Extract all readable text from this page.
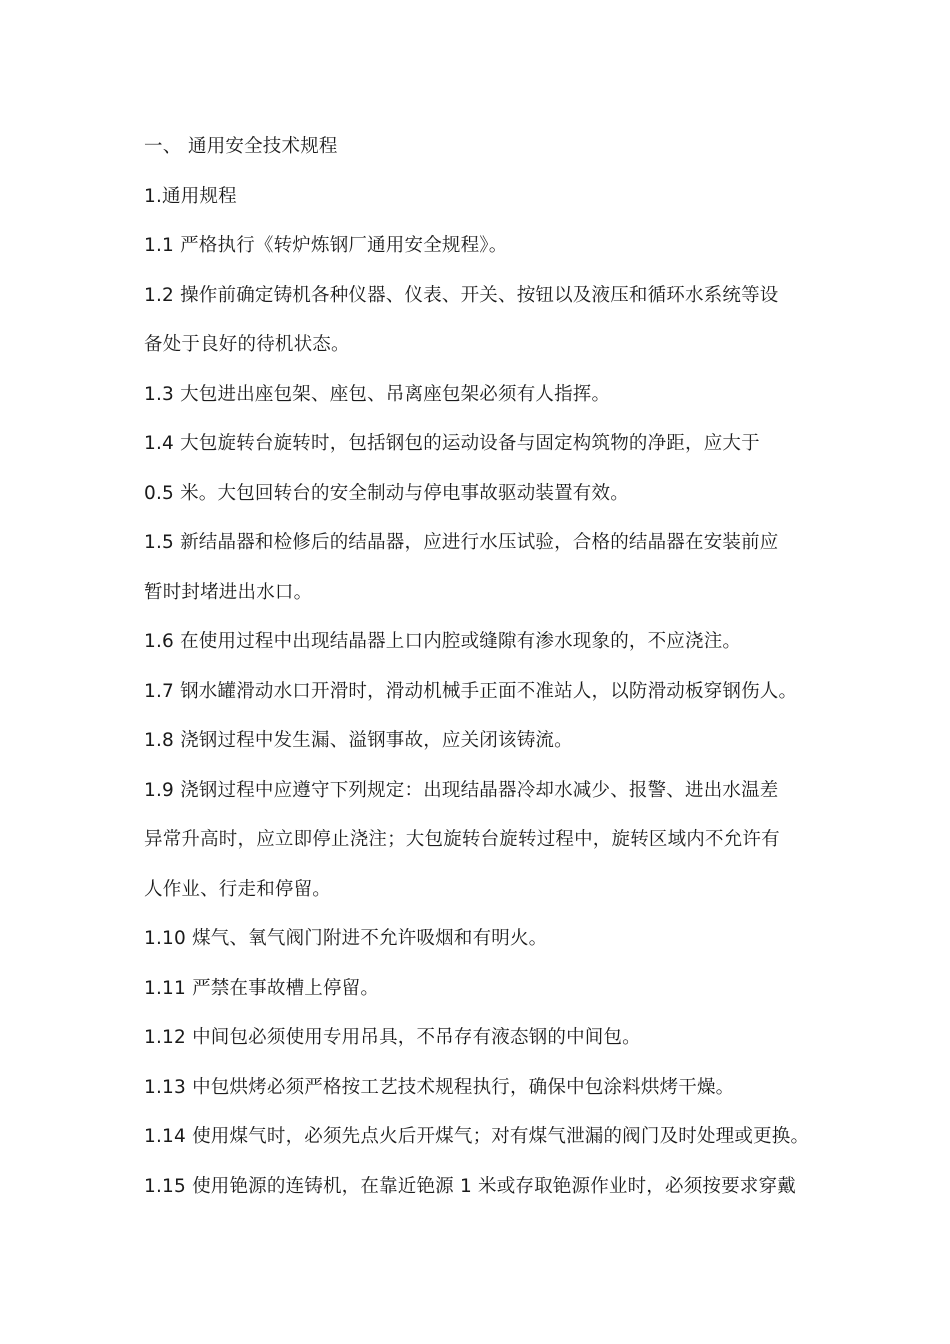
一、 通用安全技术规程
1.通用规程
1.1 严格执行《转炉炼钢厂通用安全规程》。
1.2 操作前确定铸机各种仪器、仪表、开关、按钮以及液压和循环水系统等设
备处于良好的待机状态。
1.3 大包进出座包架、座包、吊离座包架必须有人指挥。
1.4 大包旋转台旋转时，包括钢包的运动设备与固定构筑物的净距，应大于
0.5 米。大包回转台的安全制动与停电事故驱动装置有效。
1.5 新结晶器和检修后的结晶器，应进行水压试验，合格的结晶器在安装前应
暂时封堵进出水口。
1.6 在使用过程中出现结晶器上口内腔或缝隙有渗水现象的，不应浇注。
1.7 钢水罐滑动水口开滑时，滑动机械手正面不准站人，以防滑动板穿钢伤人。
1.8 浇钢过程中发生漏、溢钢事故，应关闭该铸流。
1.9 浇钢过程中应遵守下列规定：出现结晶器冷却水减少、报警、进出水温差
异常升高时，应立即停止浇注；大包旋转台旋转过程中，旋转区域内不允许有
人作业、行走和停留。
1.10 煤气、氧气阀门附进不允许吸烟和有明火。
1.11 严禁在事故槽上停留。
1.12 中间包必须使用专用吊具，不吊存有液态钢的中间包。
1.13 中包烘烤必须严格按工艺技术规程执行，确保中包涂料烘烤干燥。
1.14 使用煤气时，必须先点火后开煤气；对有煤气泄漏的阀门及时处理或更换。
1.15 使用铯源的连铸机，在靠近铯源 1 米或存取铯源作业时，必须按要求穿戴
